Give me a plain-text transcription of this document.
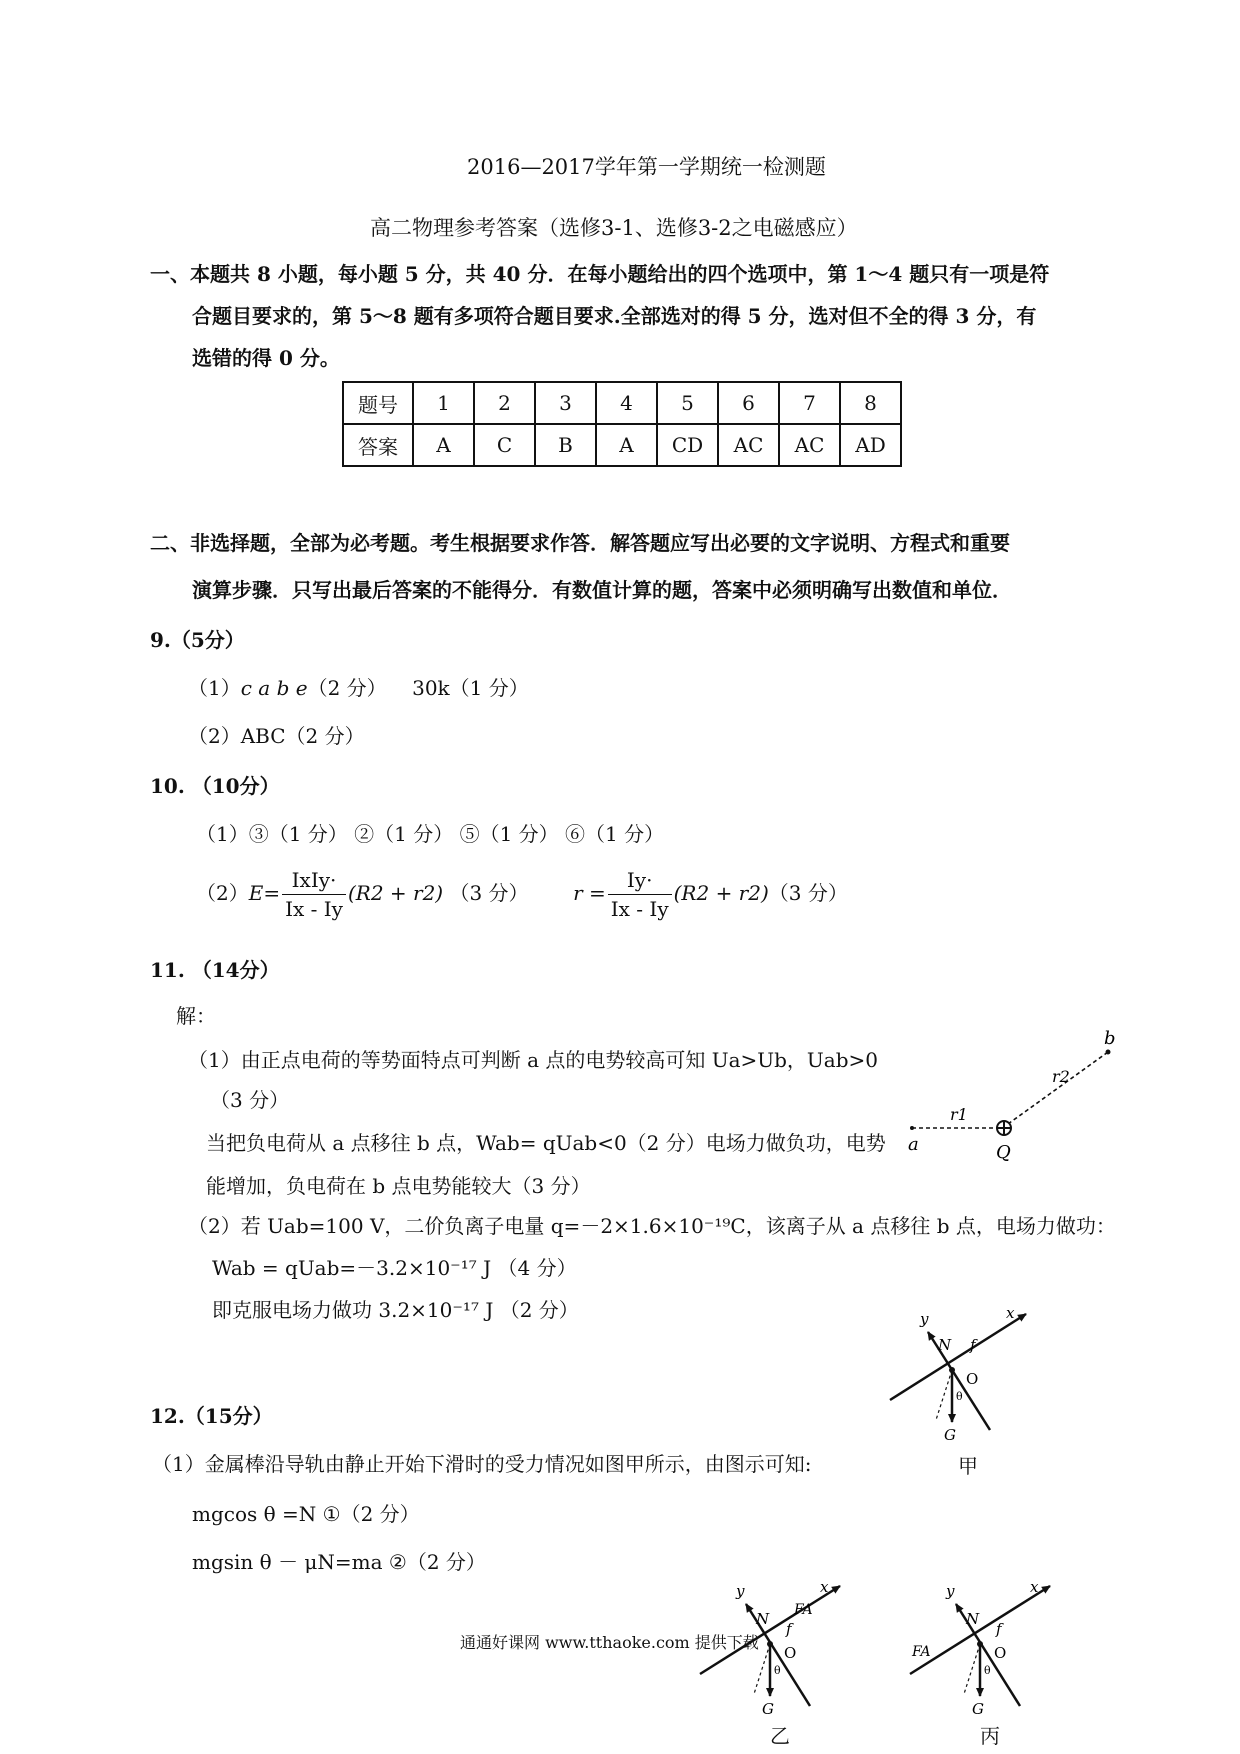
2016—2017学年第一学期统一检测题
高二物理参考答案（选修3-1、选修3-2之电磁感应）
一、本题共 8 小题，每小题 5 分，共 40 分．在每小题给出的四个选项中，第 1～4 题只有一项是符
合题目要求的，第 5～8 题有多项符合题目要求.全部选对的得 5 分，选对但不全的得 3 分，有
选错的得 0 分。
题号	1	2	3	4	5	6	7	8
答案	A	C	B	A	CD	AC	AC	AD
二、非选择题，全部为必考题。考生根据要求作答．解答题应写出必要的文字说明、方程式和重要
演算步骤．只写出最后答案的不能得分．有数值计算的题，答案中必须明确写出数值和单位．
9.（5分）
（1）c a b e（2 分） 30k（1 分）
（2）ABC（2 分）
10. （10分）
（1）③（1 分） ②（1 分） ⑤（1 分） ⑥（1 分）
$(2)E= \frac{\text{IxIy·}}{Ix - Iy} (R2 + r2)$ （3 分） $r = \frac{Iy\cdot}{Ix - Iy} (R2 + r2)(3$ 分）
11. （14分）
解：
（1）由正点电荷的等势面特点可判断 a 点的电势较高可知 Ua>Ub，Uab>0
（3 分）
当把负电荷从 a 点移往 b 点，Wab= qUab<0（2 分）电场力做负功，电势
能增加，负电荷在 b 点电势能较大（3 分）
（2）若 Uab=100 V，二价负离子电量 q=－2×1.6×10⁻¹⁹C，该离子从 a 点移往 b 点，电场力做功：
Wab = qUab=－3.2×10⁻¹⁷ J （4 分）
即克服电场力做功 3.2×10⁻¹⁷ J （2 分）
a
b
Q
r1
r2
12.（15分）
（1）金属棒沿导轨由静止开始下滑时的受力情况如图甲所示，由图示可知:
mgcos θ =N ①（2 分）
mgsin θ － μN=ma ②（2 分）
y
N f
x
O
θ
G
甲
y
N
f
FA
x
O
θ
G
乙
y
N
f
FA
x
O
θ
G
丙
通通好课网 www.tthaoke.com 提供下载
